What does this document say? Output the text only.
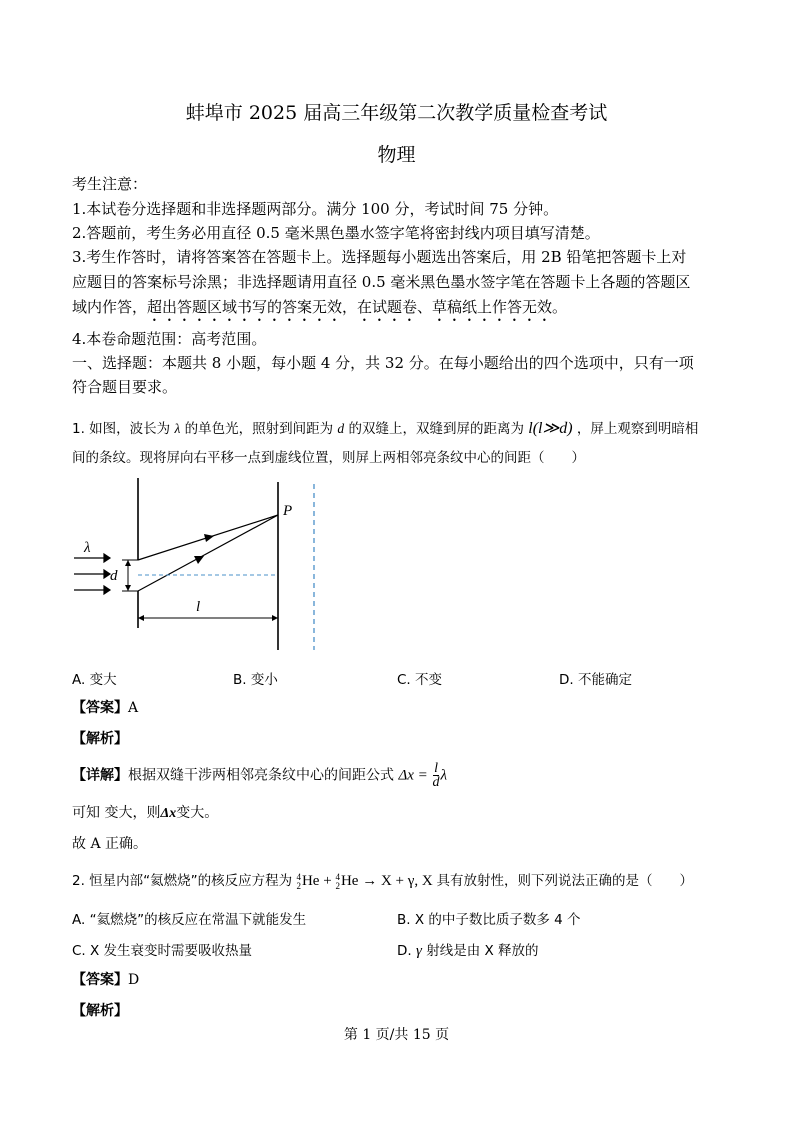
蚌埠市 2025 届高三年级第二次教学质量检查考试
物理
考生注意：
1.本试卷分选择题和非选择题两部分。满分 100 分，考试时间 75 分钟。
2.答题前，考生务必用直径 0.5 毫米黑色墨水签字笔将密封线内项目填写清楚。
3.考生作答时，请将答案答在答题卡上。选择题每小题选出答案后，用 2B 铅笔把答题卡上对
应题目的答案标号涂黑；非选择题请用直径 0.5 毫米黑色墨水签字笔在答题卡上各题的答题区
域内作答，超出答题区域书写的答案无效，在试题卷、草稿纸上作答无效。
4.本卷命题范围：高考范围。
一、选择题：本题共 8 小题，每小题 4 分，共 32 分。在每小题给出的四个选项中，只有一项
符合题目要求。
1. 如图，波长为 λ 的单色光，照射到间距为 d 的双缝上，双缝到屏的距离为 l(l≫d) ，屏上观察到明暗相
间的条纹。现将屏向右平移一点到虚线位置，则屏上两相邻亮条纹中心的间距（　　）
λ
d
P
l
A. 变大	B. 变小	C. 不变	D. 不能确定
【答案】A
【解析】
【详解】根据双缝干涉两相邻亮条纹中心的间距公式 $\Delta x = \frac{l}{d}$ λ
可知 变大，则Δx变大。
故 A 正确。
2. 恒星内部“氦燃烧”的核反应方程为 4
2 He + 4
2 He → X + γ, X 具有放射性，则下列说法正确的是（　　）
A. “氦燃烧”的核反应在常温下就能发生	B. X 的中子数比质子数多 4 个
C. X 发生衰变时需要吸收热量	D. γ 射线是由 X 释放的
【答案】D
【解析】
第 1 页/共 15 页
